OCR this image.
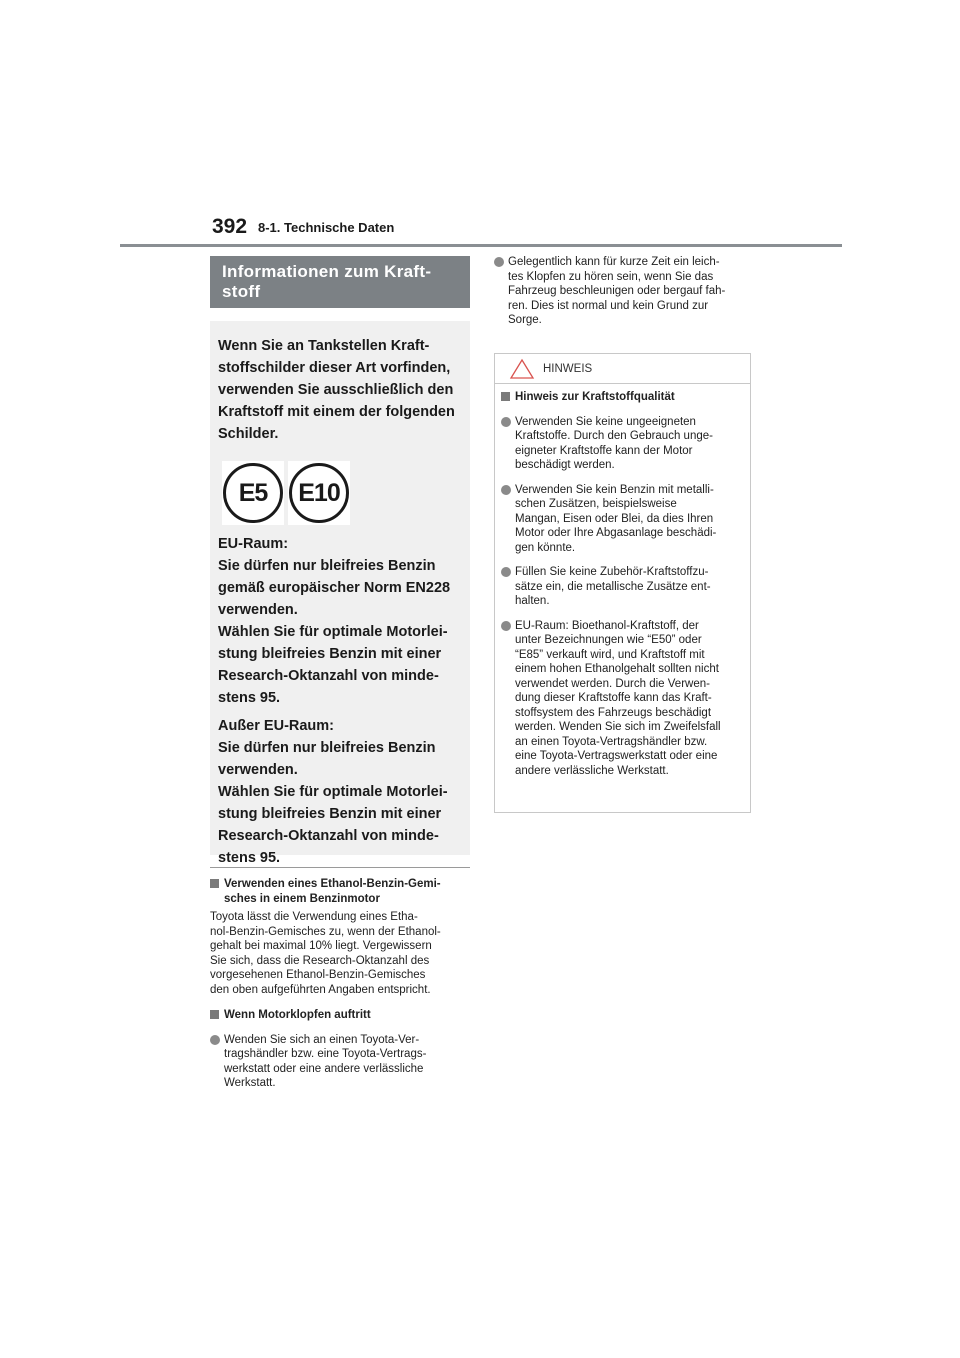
392 8-1. Technische Daten
Informationen zum Kraft-
stoff

Wenn Sie an Tankstellen Kraft-

stoffschilder dieser Art vorfinden,

verwenden Sie ausschließlich den

Kraftstoff mit einem der folgenden

Schilder.

E5	E10

EU-Raum:

Sie dürfen nur bleifreies Benzin

gemäß europäischer Norm EN228

verwenden.

Wählen Sie für optimale Motorlei-

stung bleifreies Benzin mit einer

Research-Oktanzahl von minde-

stens 95.

Außer EU-Raum:

Sie dürfen nur bleifreies Benzin

verwenden.

Wählen Sie für optimale Motorlei-

stung bleifreies Benzin mit einer

Research-Oktanzahl von minde-

stens 95.

Verwenden eines Ethanol-Benzin-Gemi-
sches in einem Benzinmotor
Toyota lässt die Verwendung eines Etha-
nol-Benzin-Gemisches zu, wenn der Ethanol-
gehalt bei maximal 10% liegt. Vergewissern
Sie sich, dass die Research-Oktanzahl des
vorgesehenen Ethanol-Benzin-Gemisches
den oben aufgeführten Angaben entspricht.
Wenn Motorklopfen auftritt
Wenden Sie sich an einen Toyota-Ver-
tragshändler bzw. eine Toyota-Vertrags-
werkstatt oder eine andere verlässliche
Werkstatt.
Gelegentlich kann für kurze Zeit ein leich-
tes Klopfen zu hören sein, wenn Sie das
Fahrzeug beschleunigen oder bergauf fah-
ren. Dies ist normal und kein Grund zur
Sorge.
HINWEIS
Hinweis zur Kraftstoffqualität
Verwenden Sie keine ungeeigneten
Kraftstoffe. Durch den Gebrauch unge-
eigneter Kraftstoffe kann der Motor
beschädigt werden.
Verwenden Sie kein Benzin mit metalli-
schen Zusätzen, beispielsweise
Mangan, Eisen oder Blei, da dies Ihren
Motor oder Ihre Abgasanlage beschädi-
gen könnte.
Füllen Sie keine Zubehör-Kraftstoffzu-
sätze ein, die metallische Zusätze ent-
halten.
EU-Raum: Bioethanol-Kraftstoff, der
unter Bezeichnungen wie “E50” oder
“E85” verkauft wird, und Kraftstoff mit
einem hohen Ethanolgehalt sollten nicht
verwendet werden. Durch die Verwen-
dung dieser Kraftstoffe kann das Kraft-
stoffsystem des Fahrzeugs beschädigt
werden. Wenden Sie sich im Zweifelsfall
an einen Toyota-Vertragshändler bzw.
eine Toyota-Vertragswerkstatt oder eine
andere verlässliche Werkstatt.
